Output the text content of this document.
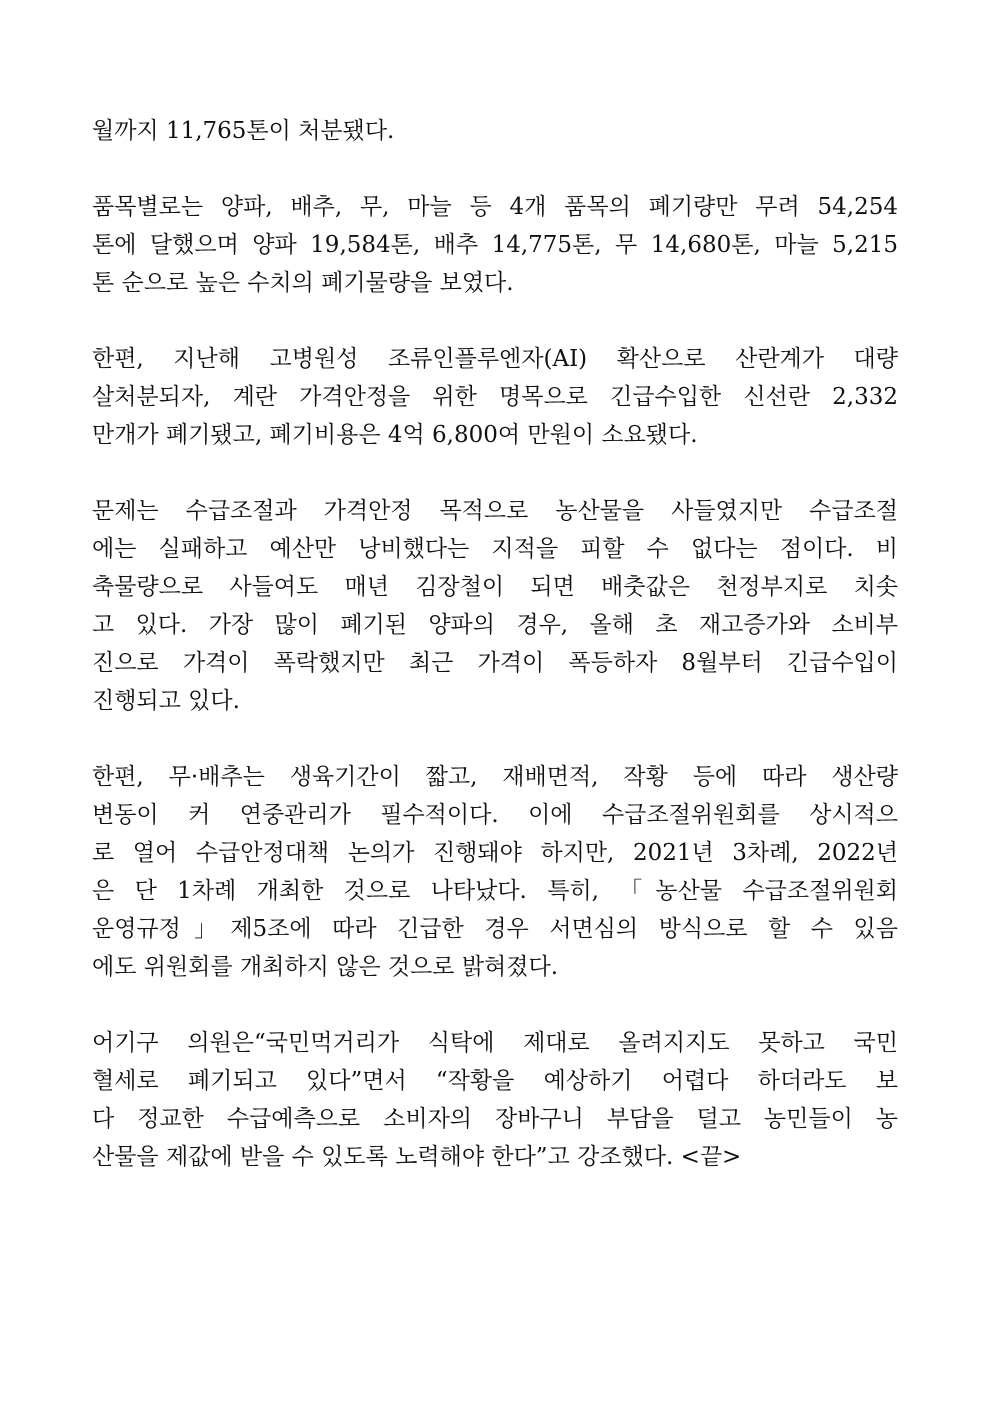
월까지 11,765톤이 처분됐다.
품목별로는 양파, 배추, 무, 마늘 등 4개 품목의 폐기량만 무려 54,254
톤에 달했으며 양파 19,584톤, 배추 14,775톤, 무 14,680톤, 마늘 5,215
톤 순으로 높은 수치의 폐기물량을 보였다.
한편, 지난해 고병원성 조류인플루엔자(AI) 확산으로 산란계가 대량
살처분되자, 계란 가격안정을 위한 명목으로 긴급수입한 신선란 2,332
만개가 폐기됐고, 폐기비용은 4억 6,800여 만원이 소요됐다.
문제는 수급조절과 가격안정 목적으로 농산물을 사들였지만 수급조절
에는 실패하고 예산만 낭비했다는 지적을 피할 수 없다는 점이다. 비
축물량으로 사들여도 매년 김장철이 되면 배춧값은 천정부지로 치솟
고 있다. 가장 많이 폐기된 양파의 경우, 올해 초 재고증가와 소비부
진으로 가격이 폭락했지만 최근 가격이 폭등하자 8월부터 긴급수입이
진행되고 있다.
한편, 무·배추는 생육기간이 짧고, 재배면적, 작황 등에 따라 생산량
변동이 커 연중관리가 필수적이다. 이에 수급조절위원회를 상시적으
로 열어 수급안정대책 논의가 진행돼야 하지만, 2021년 3차례, 2022년
은 단 1차례 개최한 것으로 나타났다. 특히, 「농산물 수급조절위원회
운영규정」제5조에 따라 긴급한 경우 서면심의 방식으로 할 수 있음
에도 위원회를 개최하지 않은 것으로 밝혀졌다.
어기구 의원은“국민먹거리가 식탁에 제대로 올려지지도 못하고 국민
혈세로 폐기되고 있다”면서 “작황을 예상하기 어렵다 하더라도 보
다 정교한 수급예측으로 소비자의 장바구니 부담을 덜고 농민들이 농
산물을 제값에 받을 수 있도록 노력해야 한다”고 강조했다. <끝>
